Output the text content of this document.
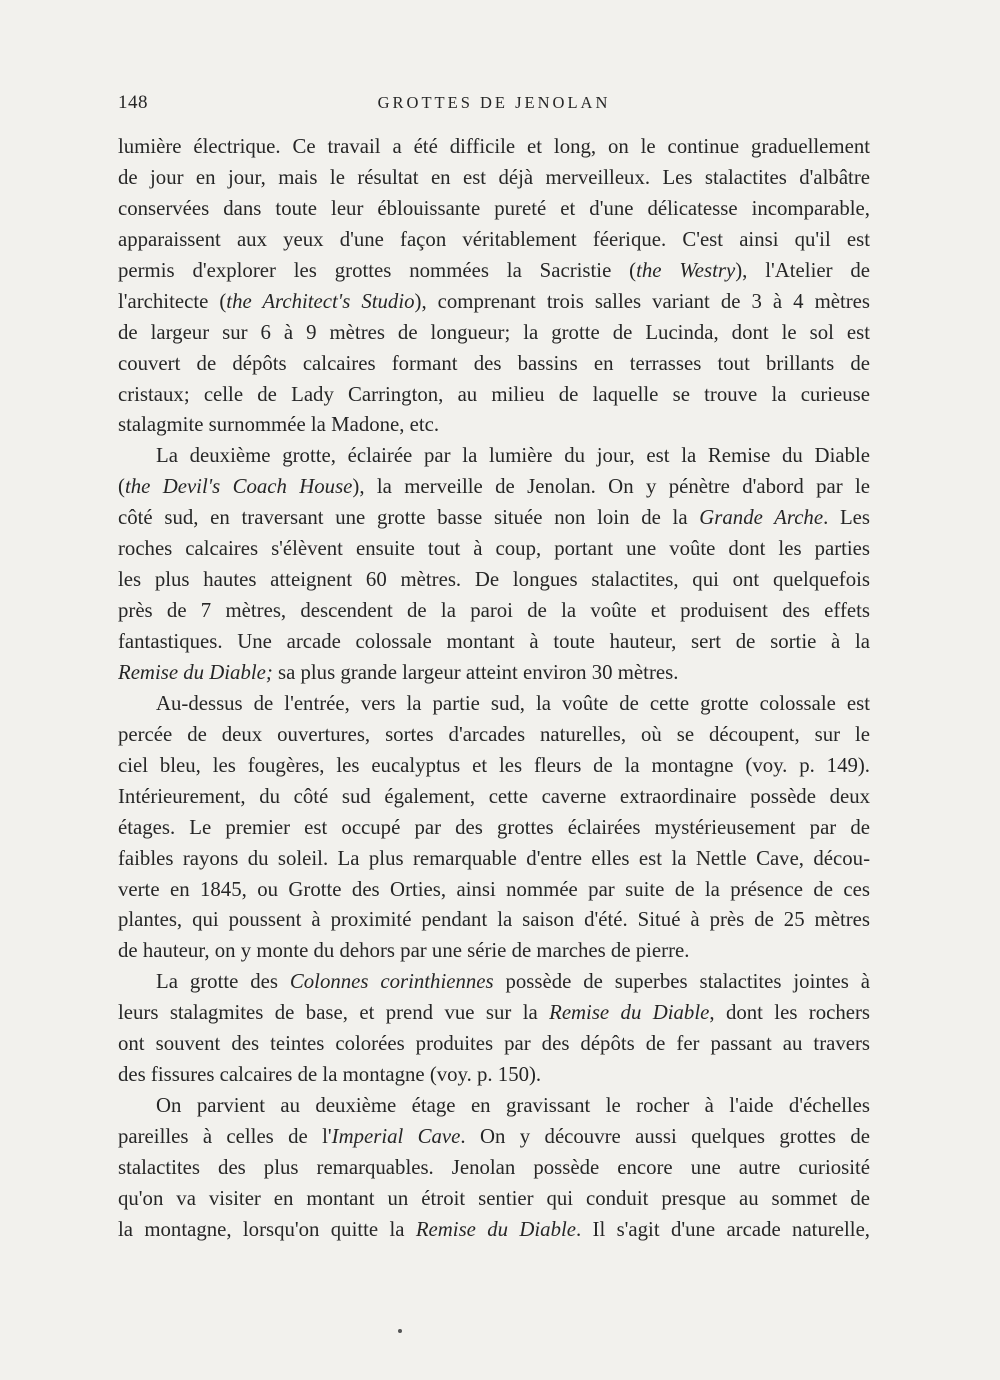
148	GROTTES DE JENOLAN
lumière électrique. Ce travail a été difficile et long, on le continue graduellement
de jour en jour, mais le résultat en est déjà merveilleux. Les stalactites d'albâtre
conservées dans toute leur éblouissante pureté et d'une délicatesse incomparable,
apparaissent aux yeux d'une façon véritablement féerique. C'est ainsi qu'il est
permis d'explorer les grottes nommées la Sacristie (the Westry), l'Atelier de
l'architecte (the Architect's Studio), comprenant trois salles variant de 3 à 4 mètres
de largeur sur 6 à 9 mètres de longueur; la grotte de Lucinda, dont le sol est
couvert de dépôts calcaires formant des bassins en terrasses tout brillants de
cristaux; celle de Lady Carrington, au milieu de laquelle se trouve la curieuse
stalagmite surnommée la Madone, etc.
La deuxième grotte, éclairée par la lumière du jour, est la Remise du Diable
(the Devil's Coach House), la merveille de Jenolan. On y pénètre d'abord par le
côté sud, en traversant une grotte basse située non loin de la Grande Arche. Les
roches calcaires s'élèvent ensuite tout à coup, portant une voûte dont les parties
les plus hautes atteignent 60 mètres. De longues stalactites, qui ont quelquefois
près de 7 mètres, descendent de la paroi de la voûte et produisent des effets
fantastiques. Une arcade colossale montant à toute hauteur, sert de sortie à la
Remise du Diable; sa plus grande largeur atteint environ 30 mètres.
Au-dessus de l'entrée, vers la partie sud, la voûte de cette grotte colossale est
percée de deux ouvertures, sortes d'arcades naturelles, où se découpent, sur le
ciel bleu, les fougères, les eucalyptus et les fleurs de la montagne (voy. p. 149).
Intérieurement, du côté sud également, cette caverne extraordinaire possède deux
étages. Le premier est occupé par des grottes éclairées mystérieusement par de
faibles rayons du soleil. La plus remarquable d'entre elles est la Nettle Cave, décou-
verte en 1845, ou Grotte des Orties, ainsi nommée par suite de la présence de ces
plantes, qui poussent à proximité pendant la saison d'été. Situé à près de 25 mètres
de hauteur, on y monte du dehors par une série de marches de pierre.
La grotte des Colonnes corinthiennes possède de superbes stalactites jointes à
leurs stalagmites de base, et prend vue sur la Remise du Diable, dont les rochers
ont souvent des teintes colorées produites par des dépôts de fer passant au travers
des fissures calcaires de la montagne (voy. p. 150).
On parvient au deuxième étage en gravissant le rocher à l'aide d'échelles
pareilles à celles de l'Imperial Cave. On y découvre aussi quelques grottes de
stalactites des plus remarquables. Jenolan possède encore une autre curiosité
qu'on va visiter en montant un étroit sentier qui conduit presque au sommet de
la montagne, lorsqu'on quitte la Remise du Diable. Il s'agit d'une arcade naturelle,
